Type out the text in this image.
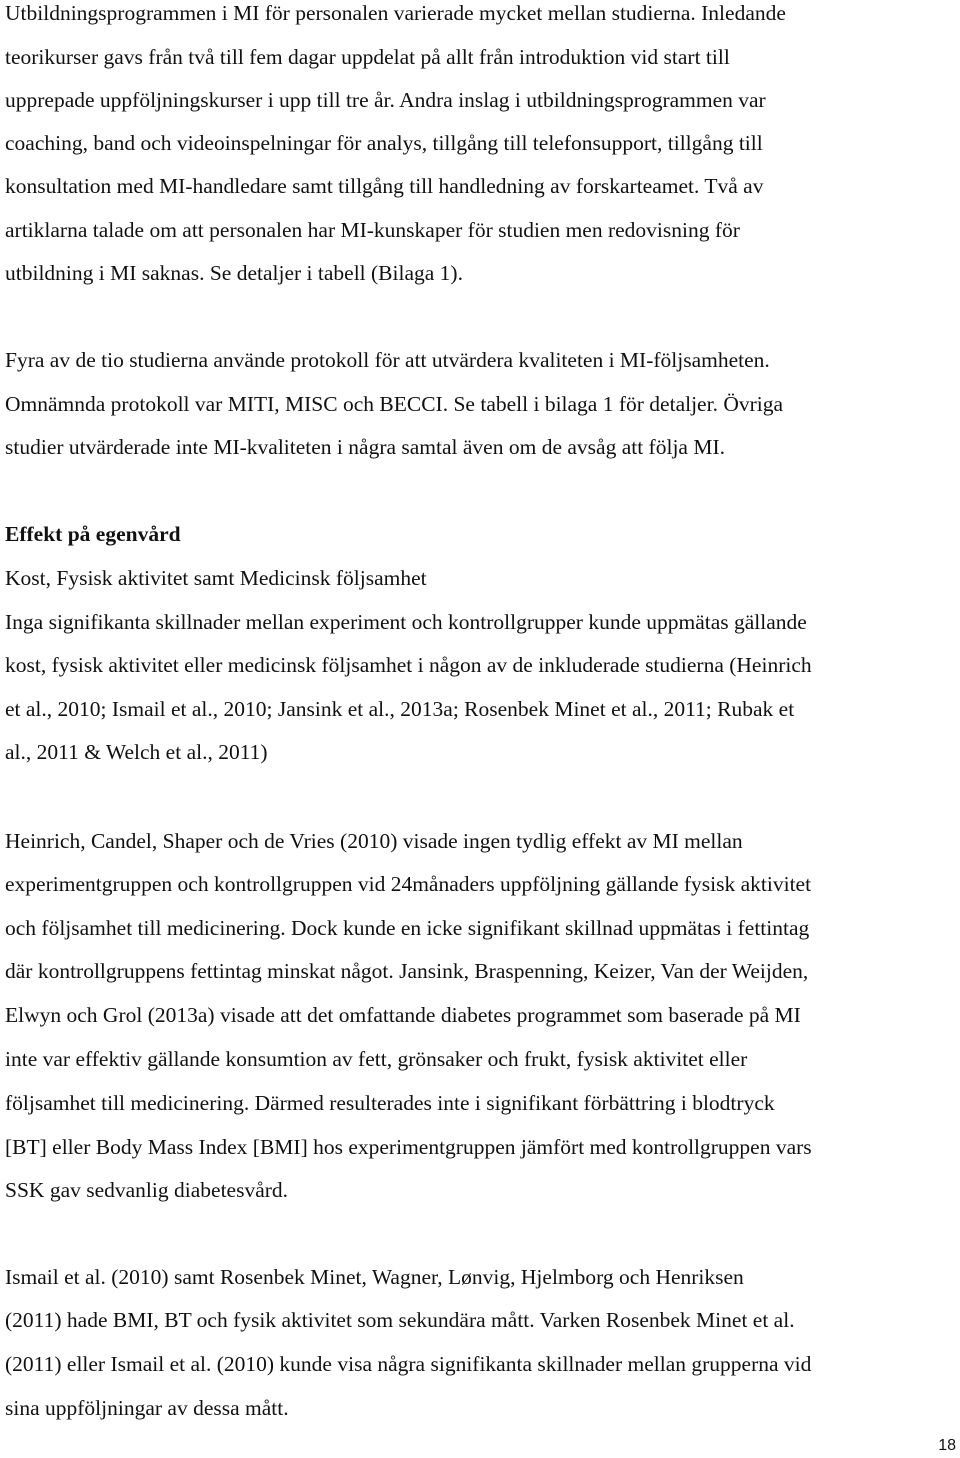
Utbildningsprogrammen i MI för personalen varierade mycket mellan studierna. Inledande
teorikurser gavs från två till fem dagar uppdelat på allt från introduktion vid start till
upprepade uppföljningskurser i upp till tre år. Andra inslag i utbildningsprogrammen var
coaching, band och videoinspelningar för analys, tillgång till telefonsupport, tillgång till
konsultation med MI-handledare samt tillgång till handledning av forskarteamet. Två av
artiklarna talade om att personalen har MI-kunskaper för studien men redovisning för
utbildning i MI saknas. Se detaljer i tabell (Bilaga 1).
Fyra av de tio studierna använde protokoll för att utvärdera kvaliteten i MI-följsamheten.
Omnämnda protokoll var MITI, MISC och BECCI. Se tabell i bilaga 1 för detaljer. Övriga
studier utvärderade inte MI-kvaliteten i några samtal även om de avsåg att följa MI.
Effekt på egenvård
Kost, Fysisk aktivitet samt Medicinsk följsamhet
Inga signifikanta skillnader mellan experiment och kontrollgrupper kunde uppmätas gällande
kost, fysisk aktivitet eller medicinsk följsamhet i någon av de inkluderade studierna (Heinrich
et al., 2010; Ismail et al., 2010; Jansink et al., 2013a; Rosenbek Minet et al., 2011; Rubak et
al., 2011 & Welch et al., 2011)
Heinrich, Candel, Shaper och de Vries (2010) visade ingen tydlig effekt av MI mellan
experimentgruppen och kontrollgruppen vid 24månaders uppföljning gällande fysisk aktivitet
och följsamhet till medicinering. Dock kunde en icke signifikant skillnad uppmätas i fettintag
där kontrollgruppens fettintag minskat något. Jansink, Braspenning, Keizer, Van der Weijden,
Elwyn och Grol (2013a) visade att det omfattande diabetes programmet som baserade på MI
inte var effektiv gällande konsumtion av fett, grönsaker och frukt, fysisk aktivitet eller
följsamhet till medicinering. Därmed resulterades inte i signifikant förbättring i blodtryck
[BT] eller Body Mass Index [BMI] hos experimentgruppen jämfört med kontrollgruppen vars
SSK gav sedvanlig diabetesvård.
Ismail et al. (2010) samt Rosenbek Minet, Wagner, Lønvig, Hjelmborg och Henriksen
(2011) hade BMI, BT och fysik aktivitet som sekundära mått. Varken Rosenbek Minet et al.
(2011) eller Ismail et al. (2010) kunde visa några signifikanta skillnader mellan grupperna vid
sina uppföljningar av dessa mått.
18
